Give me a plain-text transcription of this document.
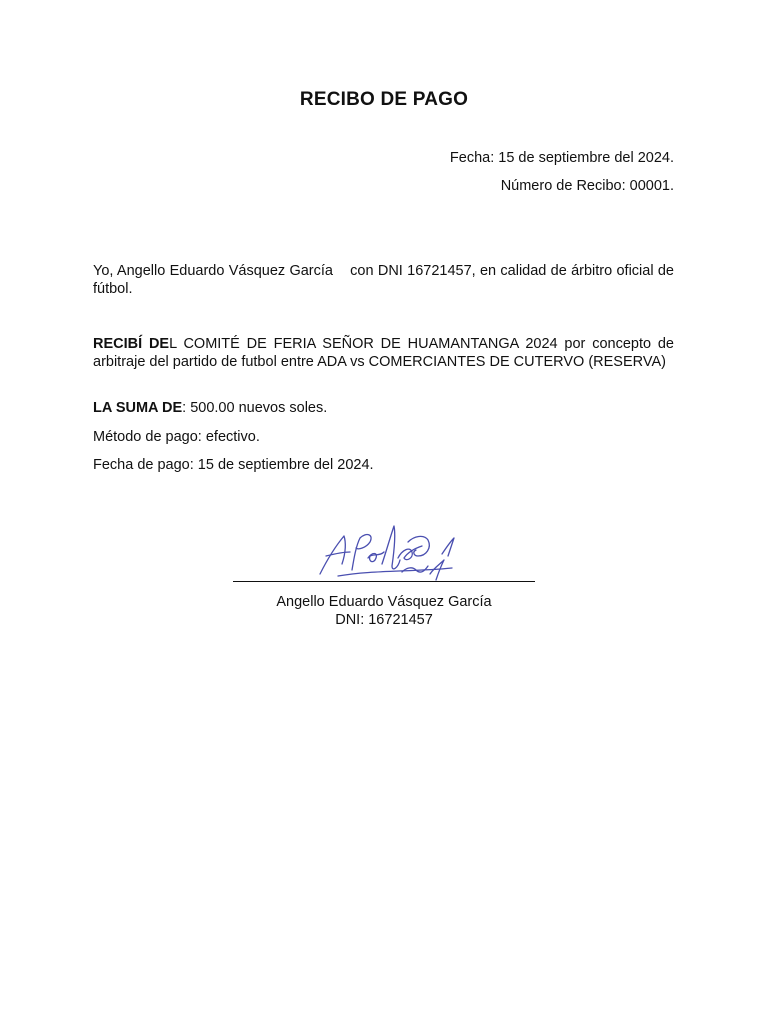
RECIBO DE PAGO
Fecha: 15 de septiembre del 2024.
Número de Recibo: 00001.
Yo, Angello Eduardo Vásquez García    con DNI 16721457, en calidad de árbitro oficial de fútbol.
RECIBÍ DEL COMITÉ DE FERIA SEÑOR DE HUAMANTANGA 2024 por concepto de arbitraje del partido de futbol entre ADA vs COMERCIANTES DE CUTERVO (RESERVA)
LA SUMA DE: 500.00 nuevos soles.
Método de pago: efectivo.
Fecha de pago: 15 de septiembre del 2024.
Angello Eduardo Vásquez García
DNI: 16721457
